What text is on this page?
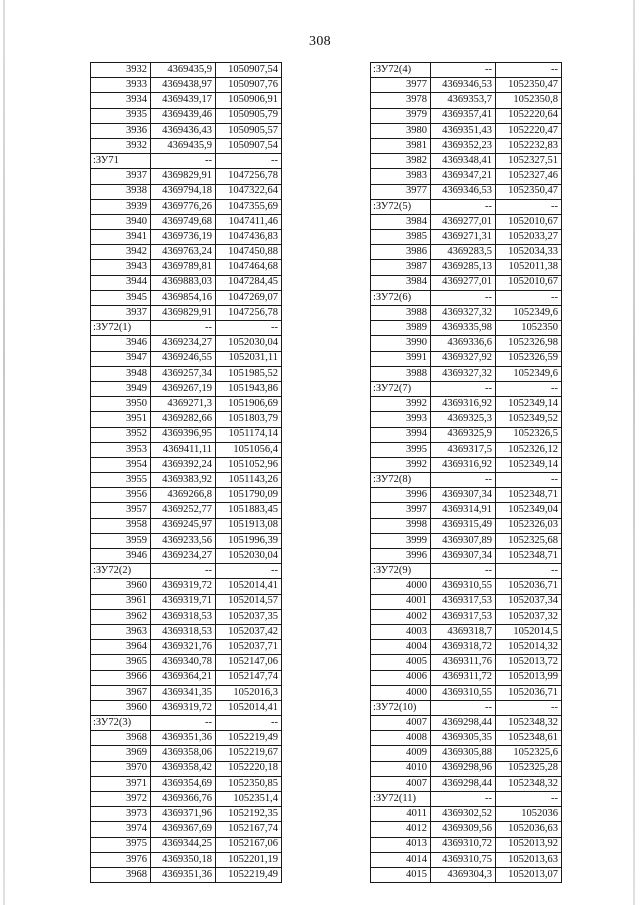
308
3932	4369435,9	1050907,54
3933	4369438,97	1050907,76
3934	4369439,17	1050906,91
3935	4369439,46	1050905,79
3936	4369436,43	1050905,57
3932	4369435,9	1050907,54
:ЗУ71	--	--
3937	4369829,91	1047256,78
3938	4369794,18	1047322,64
3939	4369776,26	1047355,69
3940	4369749,68	1047411,46
3941	4369736,19	1047436,83
3942	4369763,24	1047450,88
3943	4369789,81	1047464,68
3944	4369883,03	1047284,45
3945	4369854,16	1047269,07
3937	4369829,91	1047256,78
:ЗУ72(1)	--	--
3946	4369234,27	1052030,04
3947	4369246,55	1052031,11
3948	4369257,34	1051985,52
3949	4369267,19	1051943,86
3950	4369271,3	1051906,69
3951	4369282,66	1051803,79
3952	4369396,95	1051174,14
3953	4369411,11	1051056,4
3954	4369392,24	1051052,96
3955	4369383,92	1051143,26
3956	4369266,8	1051790,09
3957	4369252,77	1051883,45
3958	4369245,97	1051913,08
3959	4369233,56	1051996,39
3946	4369234,27	1052030,04
:ЗУ72(2)	--	--
3960	4369319,72	1052014,41
3961	4369319,71	1052014,57
3962	4369318,53	1052037,35
3963	4369318,53	1052037,42
3964	4369321,76	1052037,71
3965	4369340,78	1052147,06
3966	4369364,21	1052147,74
3967	4369341,35	1052016,3
3960	4369319,72	1052014,41
:ЗУ72(3)	--	--
3968	4369351,36	1052219,49
3969	4369358,06	1052219,67
3970	4369358,42	1052220,18
3971	4369354,69	1052350,85
3972	4369366,76	1052351,4
3973	4369371,96	1052192,35
3974	4369367,69	1052167,74
3975	4369344,25	1052167,06
3976	4369350,18	1052201,19
3968	4369351,36	1052219,49
:ЗУ72(4)	--	--
3977	4369346,53	1052350,47
3978	4369353,7	1052350,8
3979	4369357,41	1052220,64
3980	4369351,43	1052220,47
3981	4369352,23	1052232,83
3982	4369348,41	1052327,51
3983	4369347,21	1052327,46
3977	4369346,53	1052350,47
:ЗУ72(5)	--	--
3984	4369277,01	1052010,67
3985	4369271,31	1052033,27
3986	4369283,5	1052034,33
3987	4369285,13	1052011,38
3984	4369277,01	1052010,67
:ЗУ72(6)	--	--
3988	4369327,32	1052349,6
3989	4369335,98	1052350
3990	4369336,6	1052326,98
3991	4369327,92	1052326,59
3988	4369327,32	1052349,6
:ЗУ72(7)	--	--
3992	4369316,92	1052349,14
3993	4369325,3	1052349,52
3994	4369325,9	1052326,5
3995	4369317,5	1052326,12
3992	4369316,92	1052349,14
:ЗУ72(8)	--	--
3996	4369307,34	1052348,71
3997	4369314,91	1052349,04
3998	4369315,49	1052326,03
3999	4369307,89	1052325,68
3996	4369307,34	1052348,71
:ЗУ72(9)	--	--
4000	4369310,55	1052036,71
4001	4369317,53	1052037,34
4002	4369317,53	1052037,32
4003	4369318,7	1052014,5
4004	4369318,72	1052014,32
4005	4369311,76	1052013,72
4006	4369311,72	1052013,99
4000	4369310,55	1052036,71
:ЗУ72(10)	--	--
4007	4369298,44	1052348,32
4008	4369305,35	1052348,61
4009	4369305,88	1052325,6
4010	4369298,96	1052325,28
4007	4369298,44	1052348,32
:ЗУ72(11)	--	--
4011	4369302,52	1052036
4012	4369309,56	1052036,63
4013	4369310,72	1052013,92
4014	4369310,75	1052013,63
4015	4369304,3	1052013,07
